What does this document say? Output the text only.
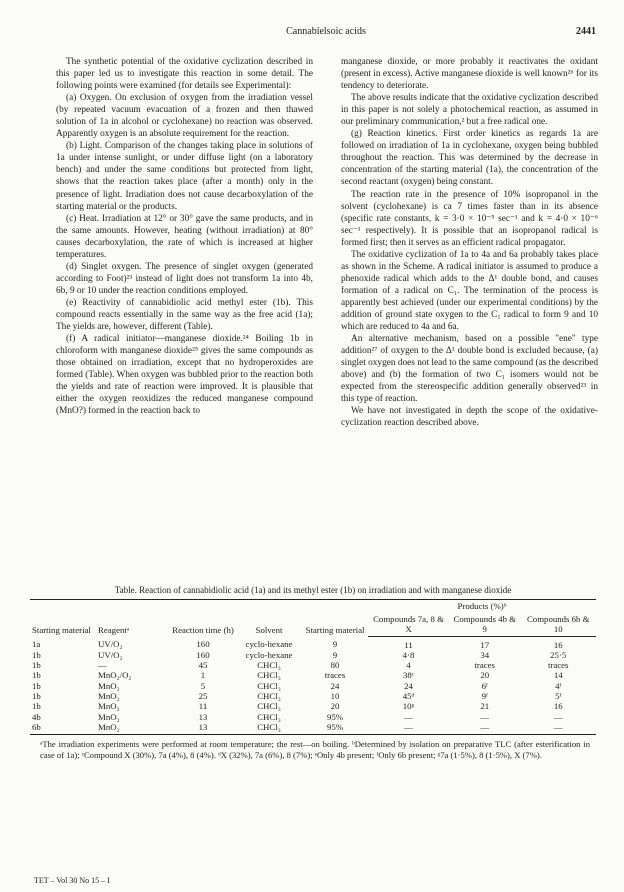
Cannabielsoic acids	2441

The synthetic potential of the oxidative cyclization described in this paper led us to investigate this reaction in some detail. The following points were examined (for details see Experimental):

(a) Oxygen. On exclusion of oxygen from the irradiation vessel (by repeated vacuum evacuation of a frozen and then thawed solution of 1a in alcohol or cyclohexane) no reaction was observed. Apparently oxygen is an absolute requirement for the reaction.

(b) Light. Comparison of the changes taking place in solutions of 1a under intense sunlight, or under diffuse light (on a laboratory bench) and under the same conditions but protected from light, shows that the reaction takes place (after a month) only in the presence of light. Irradiation does not cause decarboxylation of the starting material or the products.

(c) Heat. Irradiation at 12° or 30° gave the same products, and in the same amounts. However, heating (without irradiation) at 80° causes decarboxylation, the rate of which is increased at higher temperatures.

(d) Singlet oxygen. The presence of singlet oxygen (generated according to Foot)²³ instead of light does not transform 1a into 4b, 6b, 9 or 10 under the reaction conditions employed.

(e) Reactivity of cannabidiolic acid methyl ester (1b). This compound reacts essentially in the same way as the free acid (1a); The yields are, however, different (Table).

(f) A radical initiator—manganese dioxide.²⁴ Boiling 1b in chloroform with manganese dioxide²⁵ gives the same compounds as those obtained on irradiation, except that no hydroperoxides are formed (Table). When oxygen was bubbled prior to the reaction both the yields and rate of reaction were improved. It is plausible that either the oxygen reoxidizes the reduced manganese compound (MnO?) formed in the reaction back to

manganese dioxide, or more probably it reactivates the oxidant (present in excess). Active manganese dioxide is well known²⁶ for its tendency to deteriorate.

The above results indicate that the oxidative cyclization described in this paper is not solely a photochemical reaction, as assumed in our preliminary communication,² but a free radical one.

(g) Reaction kinetics. First order kinetics as regards 1a are followed on irradiation of 1a in cyclohexane, oxygen being bubbled throughout the reaction. This was determined by the decrease in concentration of the starting material (1a), the concentration of the second reactant (oxygen) being constant.

The reaction rate in the presence of 10% isopropanol in the solvent (cyclohexane) is ca 7 times faster than in its absence (specific rate constants, k = 3·0 × 10⁻⁵ sec⁻¹ and k = 4·0 × 10⁻⁶ sec⁻¹ respectively). It is possible that an isopropanol radical is formed first; then it serves as an efficient radical propagator.

The oxidative cyclization of 1a to 4a and 6a probably takes place as shown in the Scheme. A radical initiator is assumed to produce a phenoxide radical which adds to the Δ¹ double bond, and causes formation of a radical on C₁. The termination of the process is apparently best achieved (under our experimental conditions) by the addition of ground state oxygen to the C₁ radical to form 9 and 10 which are reduced to 4a and 6a.

An alternative mechanism, based on a possible "ene" type addition²⁷ of oxygen to the Δ¹ double bond is excluded because, (a) singlet oxygen does not lead to the same compound (as the described above) and (b) the formation of two C₁ isomers would not be expected from the stereospecific addition generally observed²³ in this type of reaction.

We have not investigated in depth the scope of the oxidative-cyclization reaction described above.

Table. Reaction of cannabidiolic acid (1a) and its methyl ester (1b) on irradiation and with manganese dioxide
Starting material	Reagentᵃ	Reaction time (h)	Solvent	Starting material	Products (%)ᵇ		
					Compounds 7a, 8 & X	Compounds 4b & 9	Compounds 6b & 10
1a	UV/O₂	160	cyclo-hexane	9	11	17	16
1b	UV/O₂	160	cyclo-hexane	9	4·8	34	25·5
1b	—	45	CHCl₃	80	4	traces	traces
1b	MnO₂/O₂	1	CHCl₃	traces	38ᶜ	20	14
1b	MnO₂	5	CHCl₃	24	24	6ᶠ	4ᶠ
1b	MnO₂	25	CHCl₃	10	45ᵈ	9ᶠ	5ᶠ
1b	MnO₂	11	CHCl₃	20	10ᵍ	21	16
4b	MnO₂	13	CHCl₃	95%	—	—	—
6b	MnO₂	13	CHCl₃	95%	—	—	—
ᵃThe irradiation experiments were performed at room temperature; the rest—on boiling. ᵇDetermined by isolation on preparative TLC (after esterification in case of 1a); ᶜCompound X (30%), 7a (4%), 8 (4%). ᵈX (32%), 7a (6%), 8 (7%); ᵉOnly 4b present; ᶠOnly 6b present; ᵍ7a (1·5%), 8 (1·5%), X (7%).
TET – Vol 30 No 15 – I
